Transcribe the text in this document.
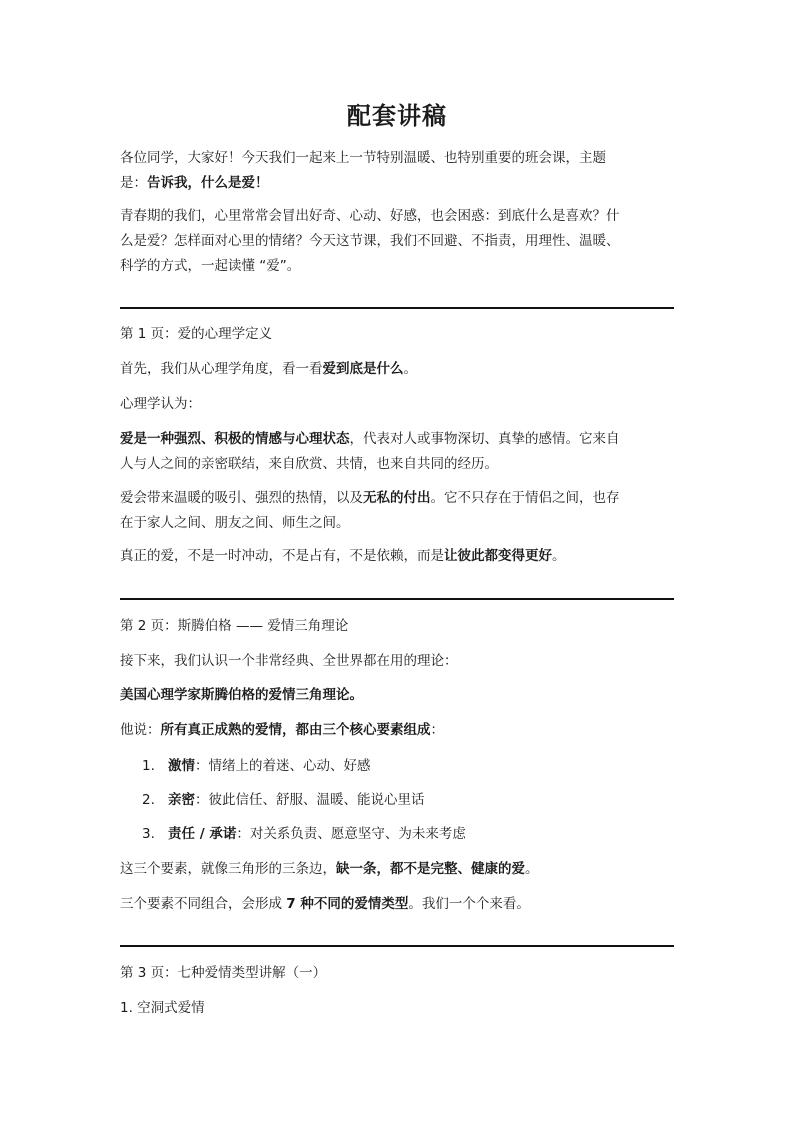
配套讲稿
各位同学，大家好！今天我们一起来上一节特别温暖、也特别重要的班会课，主题
是：告诉我，什么是爱！
青春期的我们，心里常常会冒出好奇、心动、好感，也会困惑：到底什么是喜欢？什
么是爱？怎样面对心里的情绪？今天这节课，我们不回避、不指责，用理性、温暖、
科学的方式，一起读懂 “爱”。
第 1 页：爱的心理学定义
首先，我们从心理学角度，看一看爱到底是什么。
心理学认为：
爱是一种强烈、积极的情感与心理状态，代表对人或事物深切、真挚的感情。它来自
人与人之间的亲密联结，来自欣赏、共情，也来自共同的经历。
爱会带来温暖的吸引、强烈的热情，以及无私的付出。它不只存在于情侣之间，也存
在于家人之间、朋友之间、师生之间。
真正的爱，不是一时冲动，不是占有，不是依赖，而是让彼此都变得更好。
第 2 页：斯腾伯格 —— 爱情三角理论
接下来，我们认识一个非常经典、全世界都在用的理论：
美国心理学家斯腾伯格的爱情三角理论。
他说：所有真正成熟的爱情，都由三个核心要素组成：
1. 激情：情绪上的着迷、心动、好感
2. 亲密：彼此信任、舒服、温暖、能说心里话
3. 责任 / 承诺：对关系负责、愿意坚守、为未来考虑
这三个要素，就像三角形的三条边，缺一条，都不是完整、健康的爱。
三个要素不同组合，会形成 7 种不同的爱情类型。我们一个个来看。
第 3 页：七种爱情类型讲解（一）
1. 空洞式爱情
